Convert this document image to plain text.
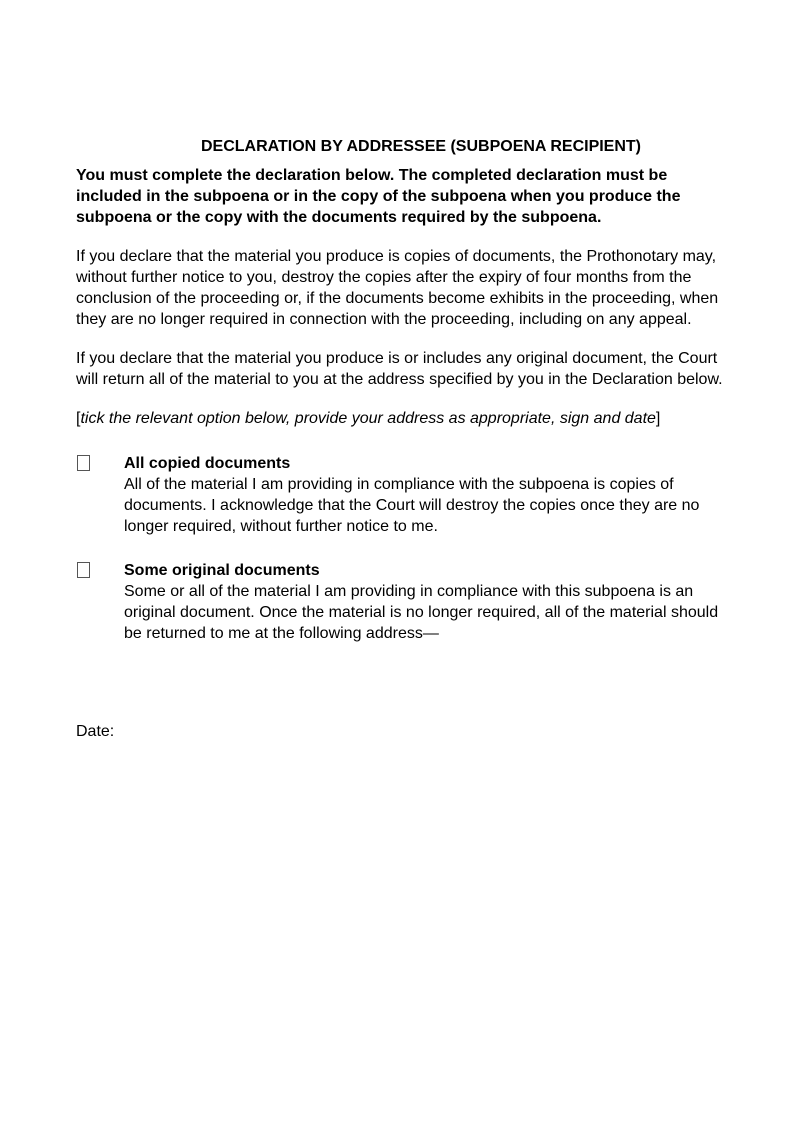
DECLARATION BY ADDRESSEE (SUBPOENA RECIPIENT)

You must complete the declaration below. The completed declaration must be included in the subpoena or in the copy of the subpoena when you produce the subpoena or the copy with the documents required by the subpoena.

If you declare that the material you produce is copies of documents, the Prothonotary may, without further notice to you, destroy the copies after the expiry of four months from the conclusion of the proceeding or, if the documents become exhibits in the proceeding, when they are no longer required in connection with the proceeding, including on any appeal.

If you declare that the material you produce is or includes any original document, the Court will return all of the material to you at the address specified by you in the Declaration below.

[tick the relevant option below, provide your address as appropriate, sign and date]

All copied documents
All of the material I am providing in compliance with the subpoena is copies of documents. I acknowledge that the Court will destroy the copies once they are no longer required, without further notice to me.
Some original documents
Some or all of the material I am providing in compliance with this subpoena is an original document. Once the material is no longer required, all of the material should be returned to me at the following address—
Date:
